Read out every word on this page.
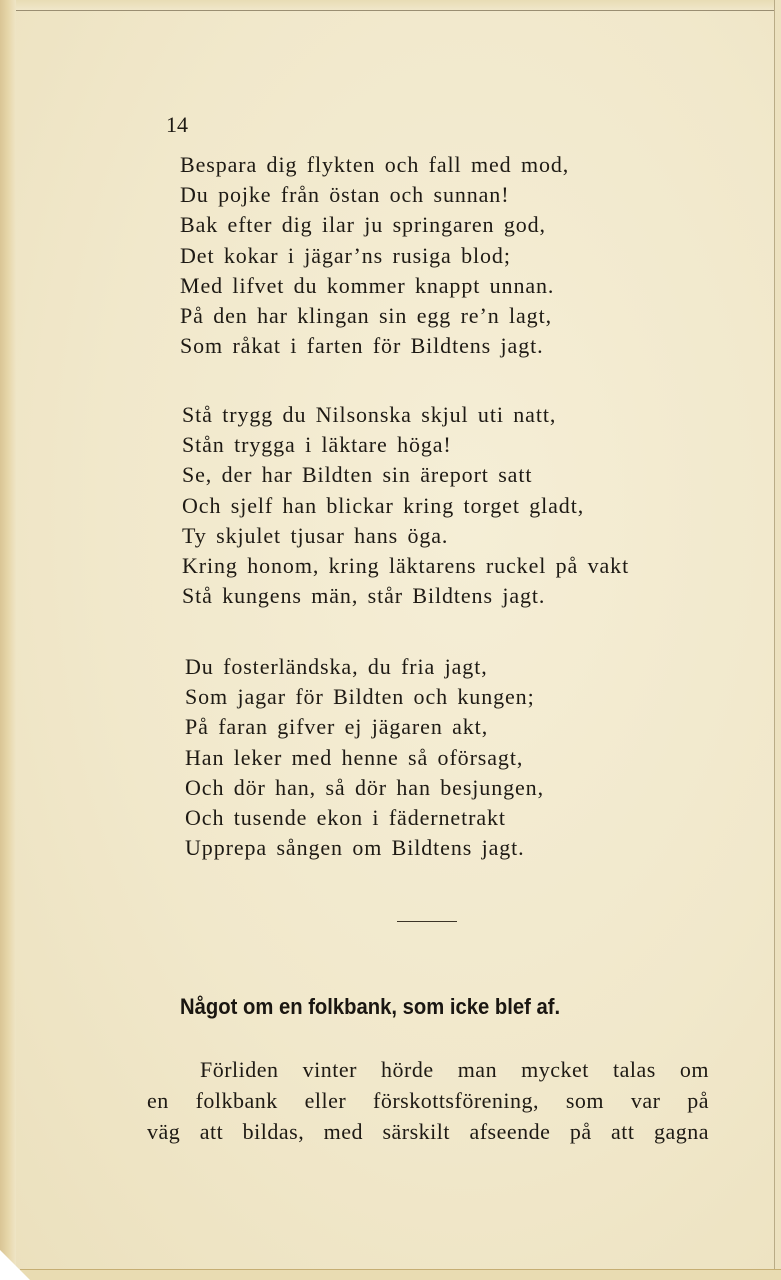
14
Bespara dig flykten och fall med mod,
Du pojke från östan och sunnan!
Bak efter dig ilar ju springaren god,
Det kokar i jägar’ns rusiga blod;
Med lifvet du kommer knappt unnan.
På den har klingan sin egg re’n lagt,
Som råkat i farten för Bildtens jagt.
Stå trygg du Nilsonska skjul uti natt,
Stån trygga i läktare höga!
Se, der har Bildten sin äreport satt
Och sjelf han blickar kring torget gladt,
Ty skjulet tjusar hans öga.
Kring honom, kring läktarens ruckel på vakt
Stå kungens män, står Bildtens jagt.
Du fosterländska, du fria jagt,
Som jagar för Bildten och kungen;
På faran gifver ej jägaren akt,
Han leker med henne så oförsagt,
Och dör han, så dör han besjungen,
Och tusende ekon i fädernetrakt
Upprepa sången om Bildtens jagt.
Något om en folkbank, som icke blef af.
Förliden vinter hörde man mycket talas om
en folkbank eller förskottsförening, som var på
väg att bildas, med särskilt afseende på att gagna
